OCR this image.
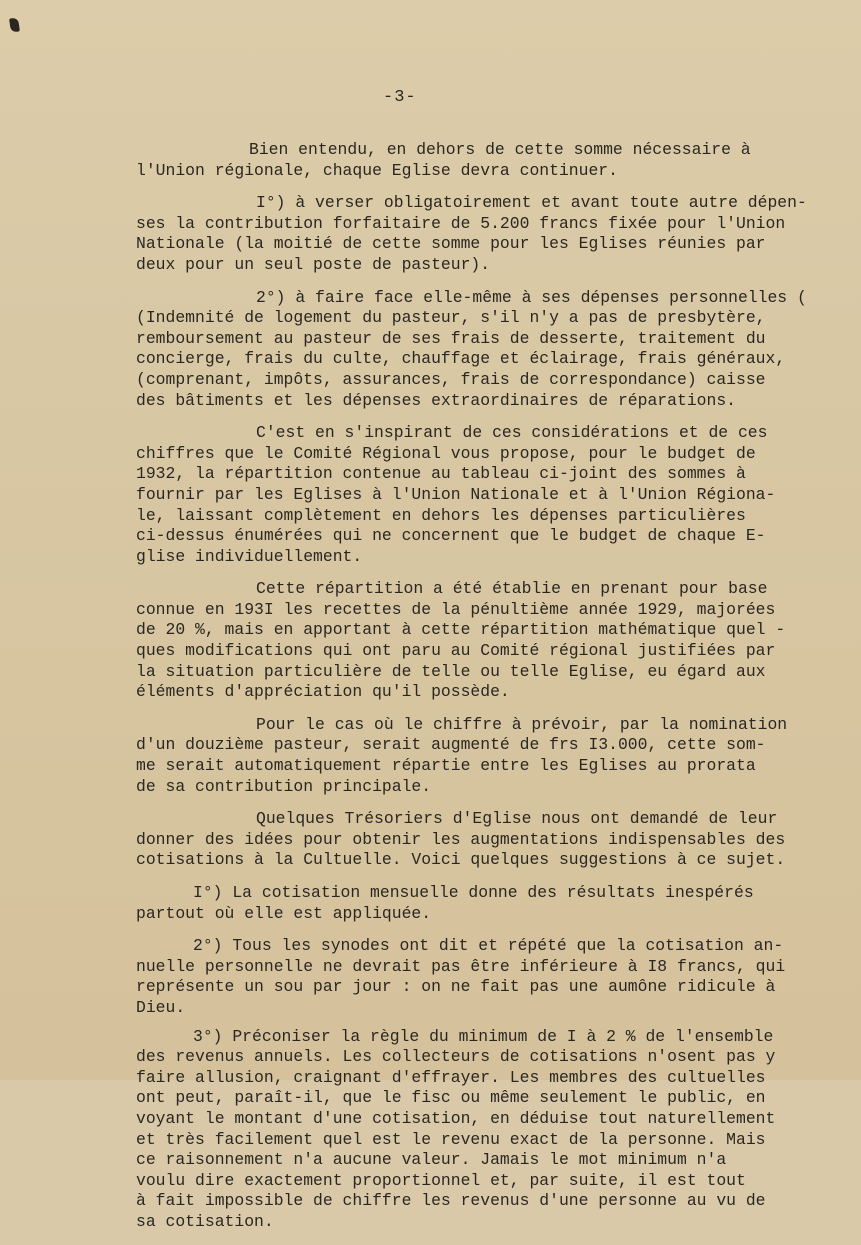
-3-

Bien entendu, en dehors de cette somme nécessaire à
l'Union régionale, chaque Eglise devra continuer.

I°) à verser obligatoirement et avant toute autre dépen-
ses la contribution forfaitaire de 5.200 francs fixée pour l'Union
Nationale (la moitié de cette somme pour les Eglises réunies par
deux pour un seul poste de pasteur).

2°) à faire face elle-même à ses dépenses personnelles (
(Indemnité de logement du pasteur, s'il n'y a pas de presbytère,
remboursement au pasteur de ses frais de desserte, traitement du
concierge, frais du culte, chauffage et éclairage, frais généraux,
(comprenant, impôts, assurances, frais de correspondance) caisse
des bâtiments et les dépenses extraordinaires de réparations.

C'est en s'inspirant de ces considérations et de ces
chiffres que le Comité Régional vous propose, pour le budget de
1932, la répartition contenue au tableau ci-joint des sommes à
fournir par les Eglises à l'Union Nationale et à l'Union Régiona-
le, laissant complètement en dehors les dépenses particulières
ci-dessus énumérées qui ne concernent que le budget de chaque E-
glise individuellement.

Cette répartition a été établie en prenant pour base
connue en 193I les recettes de la pénultième année 1929, majorées
de 20 %, mais en apportant à cette répartition mathématique quel -
ques modifications qui ont paru au Comité régional justifiées par
la situation particulière de telle ou telle Eglise, eu égard aux
éléments d'appréciation qu'il possède.

Pour le cas où le chiffre à prévoir, par la nomination
d'un douzième pasteur, serait augmenté de frs I3.000, cette som-
me serait automatiquement répartie entre les Eglises au prorata
de sa contribution principale.

Quelques Trésoriers d'Eglise nous ont demandé de leur
donner des idées pour obtenir les augmentations indispensables des
cotisations à la Cultuelle. Voici quelques suggestions à ce sujet.

I°) La cotisation mensuelle donne des résultats inespérés
partout où elle est appliquée.

2°) Tous les synodes ont dit et répété que la cotisation an-
nuelle personnelle ne devrait pas être inférieure à I8 francs, qui
représente un sou par jour : on ne fait pas une aumône ridicule à
Dieu.

3°) Préconiser la règle du minimum de I à 2 % de l'ensemble
des revenus annuels. Les collecteurs de cotisations n'osent pas y
faire allusion, craignant d'effrayer. Les membres des cultuelles
ont peut, paraît-il, que le fisc ou même seulement le public, en
voyant le montant d'une cotisation, en déduise tout naturellement
et très facilement quel est le revenu exact de la personne. Mais
ce raisonnement n'a aucune valeur. Jamais le mot minimum n'a
voulu dire exactement proportionnel et, par suite, il est tout
à fait impossible de chiffre les revenus d'une personne au vu de
sa cotisation.
